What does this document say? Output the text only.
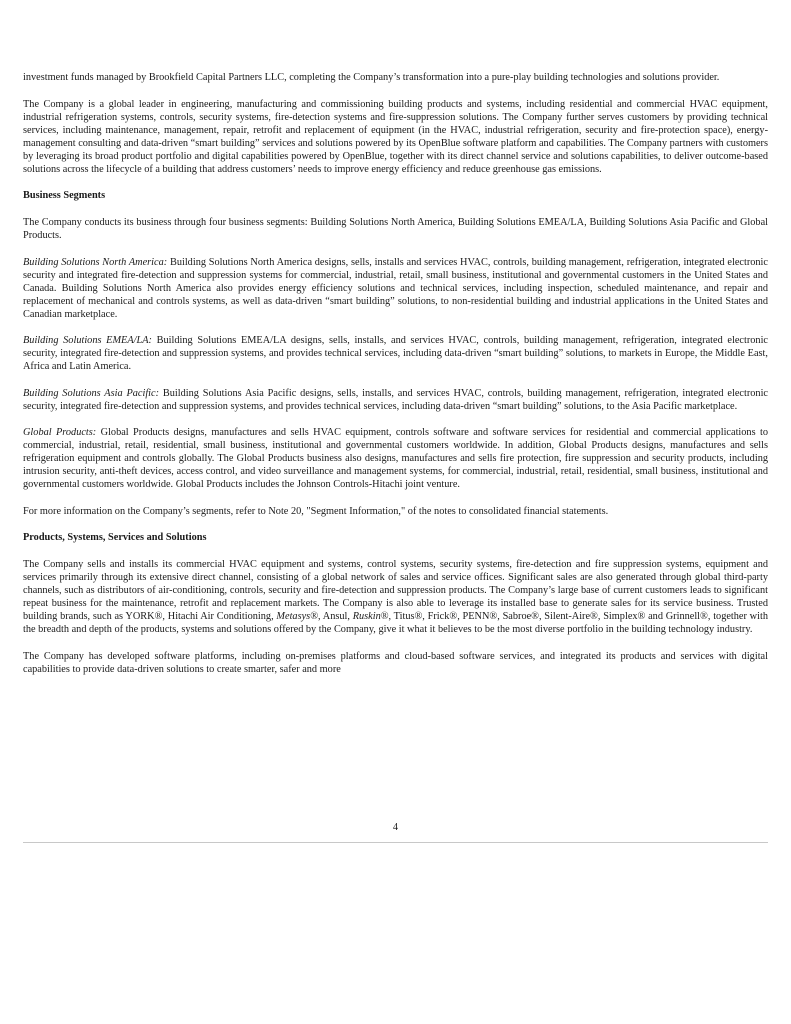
investment funds managed by Brookfield Capital Partners LLC, completing the Company’s transformation into a pure-play building technologies and solutions provider.

The Company is a global leader in engineering, manufacturing and commissioning building products and systems, including residential and commercial HVAC equipment, industrial refrigeration systems, controls, security systems, fire-detection systems and fire-suppression solutions. The Company further serves customers by providing technical services, including maintenance, management, repair, retrofit and replacement of equipment (in the HVAC, industrial refrigeration, security and fire-protection space), energy-management consulting and data-driven “smart building” services and solutions powered by its OpenBlue software platform and capabilities. The Company partners with customers by leveraging its broad product portfolio and digital capabilities powered by OpenBlue, together with its direct channel service and solutions capabilities, to deliver outcome-based solutions across the lifecycle of a building that address customers’ needs to improve energy efficiency and reduce greenhouse gas emissions.

Business Segments

The Company conducts its business through four business segments: Building Solutions North America, Building Solutions EMEA/LA, Building Solutions Asia Pacific and Global Products.

Building Solutions North America: Building Solutions North America designs, sells, installs and services HVAC, controls, building management, refrigeration, integrated electronic security and integrated fire-detection and suppression systems for commercial, industrial, retail, small business, institutional and governmental customers in the United States and Canada. Building Solutions North America also provides energy efficiency solutions and technical services, including inspection, scheduled maintenance, and repair and replacement of mechanical and controls systems, as well as data-driven “smart building” solutions, to non-residential building and industrial applications in the United States and Canadian marketplace.

Building Solutions EMEA/LA: Building Solutions EMEA/LA designs, sells, installs, and services HVAC, controls, building management, refrigeration, integrated electronic security, integrated fire-detection and suppression systems, and provides technical services, including data-driven “smart building” solutions, to markets in Europe, the Middle East, Africa and Latin America.

Building Solutions Asia Pacific: Building Solutions Asia Pacific designs, sells, installs, and services HVAC, controls, building management, refrigeration, integrated electronic security, integrated fire-detection and suppression systems, and provides technical services, including data-driven “smart building” solutions, to the Asia Pacific marketplace.

Global Products: Global Products designs, manufactures and sells HVAC equipment, controls software and software services for residential and commercial applications to commercial, industrial, retail, residential, small business, institutional and governmental customers worldwide. In addition, Global Products designs, manufactures and sells refrigeration equipment and controls globally. The Global Products business also designs, manufactures and sells fire protection, fire suppression and security products, including intrusion security, anti-theft devices, access control, and video surveillance and management systems, for commercial, industrial, retail, residential, small business, institutional and governmental customers worldwide. Global Products includes the Johnson Controls-Hitachi joint venture.

For more information on the Company’s segments, refer to Note 20, "Segment Information," of the notes to consolidated financial statements.

Products, Systems, Services and Solutions

The Company sells and installs its commercial HVAC equipment and systems, control systems, security systems, fire-detection and fire suppression systems, equipment and services primarily through its extensive direct channel, consisting of a global network of sales and service offices. Significant sales are also generated through global third-party channels, such as distributors of air-conditioning, controls, security and fire-detection and suppression products. The Company’s large base of current customers leads to significant repeat business for the maintenance, retrofit and replacement markets. The Company is also able to leverage its installed base to generate sales for its service business. Trusted building brands, such as YORK®, Hitachi Air Conditioning, Metasys®, Ansul, Ruskin®, Titus®, Frick®, PENN®, Sabroe®, Silent-Aire®, Simplex® and Grinnell®, together with the breadth and depth of the products, systems and solutions offered by the Company, give it what it believes to be the most diverse portfolio in the building technology industry.

The Company has developed software platforms, including on-premises platforms and cloud-based software services, and integrated its products and services with digital capabilities to provide data-driven solutions to create smarter, safer and more

4
